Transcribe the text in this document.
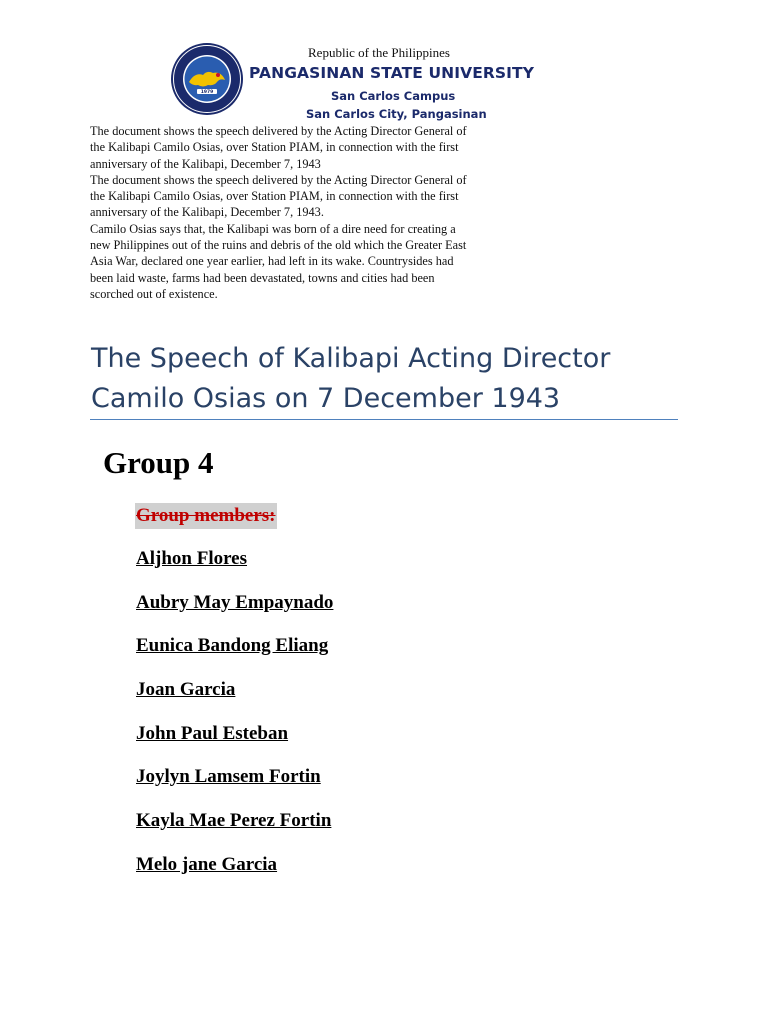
1979
Republic of the Philippines
PANGASINAN STATE UNIVERSITY
San Carlos Campus
San Carlos City, Pangasinan

The document shows the speech delivered by the Acting Director General of the Kalibapi Camilo Osias, over Station PIAM, in connection with the first anniversary of the Kalibapi, December 7, 1943

The document shows the speech delivered by the Acting Director General of the Kalibapi Camilo Osias, over Station PIAM, in connection with the first anniversary of the Kalibapi, December 7, 1943.

Camilo Osias says that, the Kalibapi was born of a dire need for creating a new Philippines out of the ruins and debris of the old which the Greater East Asia War, declared one year earlier, had left in its wake. Countrysides had been laid waste, farms had been devastated, towns and cities had been scorched out of existence.

The Speech of Kalibapi Acting Director
Camilo Osias on 7 December 1943
Group 4
Group members:
Aljhon Flores
Aubry May Empaynado
Eunica Bandong Eliang
Joan Garcia
John Paul Esteban
Joylyn Lamsem Fortin
Kayla Mae Perez Fortin
Melo jane Garcia
